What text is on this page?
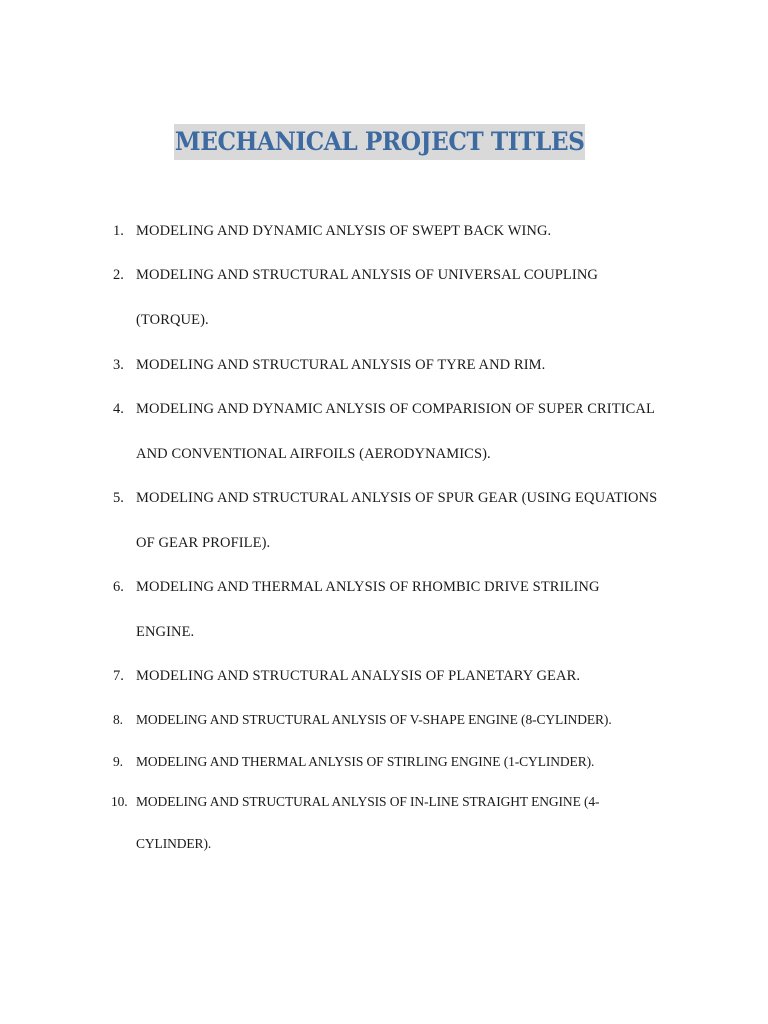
MECHANICAL PROJECT TITLES
1. MODELING AND DYNAMIC ANLYSIS OF SWEPT BACK WING.
2. MODELING AND STRUCTURAL ANLYSIS OF UNIVERSAL COUPLING
(TORQUE).
3. MODELING AND STRUCTURAL ANLYSIS OF TYRE AND RIM.
4. MODELING AND DYNAMIC ANLYSIS OF COMPARISION OF SUPER CRITICAL
AND CONVENTIONAL AIRFOILS (AERODYNAMICS).
5. MODELING AND STRUCTURAL ANLYSIS OF SPUR GEAR (USING EQUATIONS
OF GEAR PROFILE).
6. MODELING AND THERMAL ANLYSIS OF RHOMBIC DRIVE STRILING
ENGINE.
7. MODELING AND STRUCTURAL ANALYSIS OF PLANETARY GEAR.
8. MODELING AND STRUCTURAL ANLYSIS OF V-SHAPE ENGINE (8-CYLINDER).
9. MODELING AND THERMAL ANLYSIS OF STIRLING ENGINE (1-CYLINDER).
10. MODELING AND STRUCTURAL ANLYSIS OF IN-LINE STRAIGHT ENGINE (4-
CYLINDER).
